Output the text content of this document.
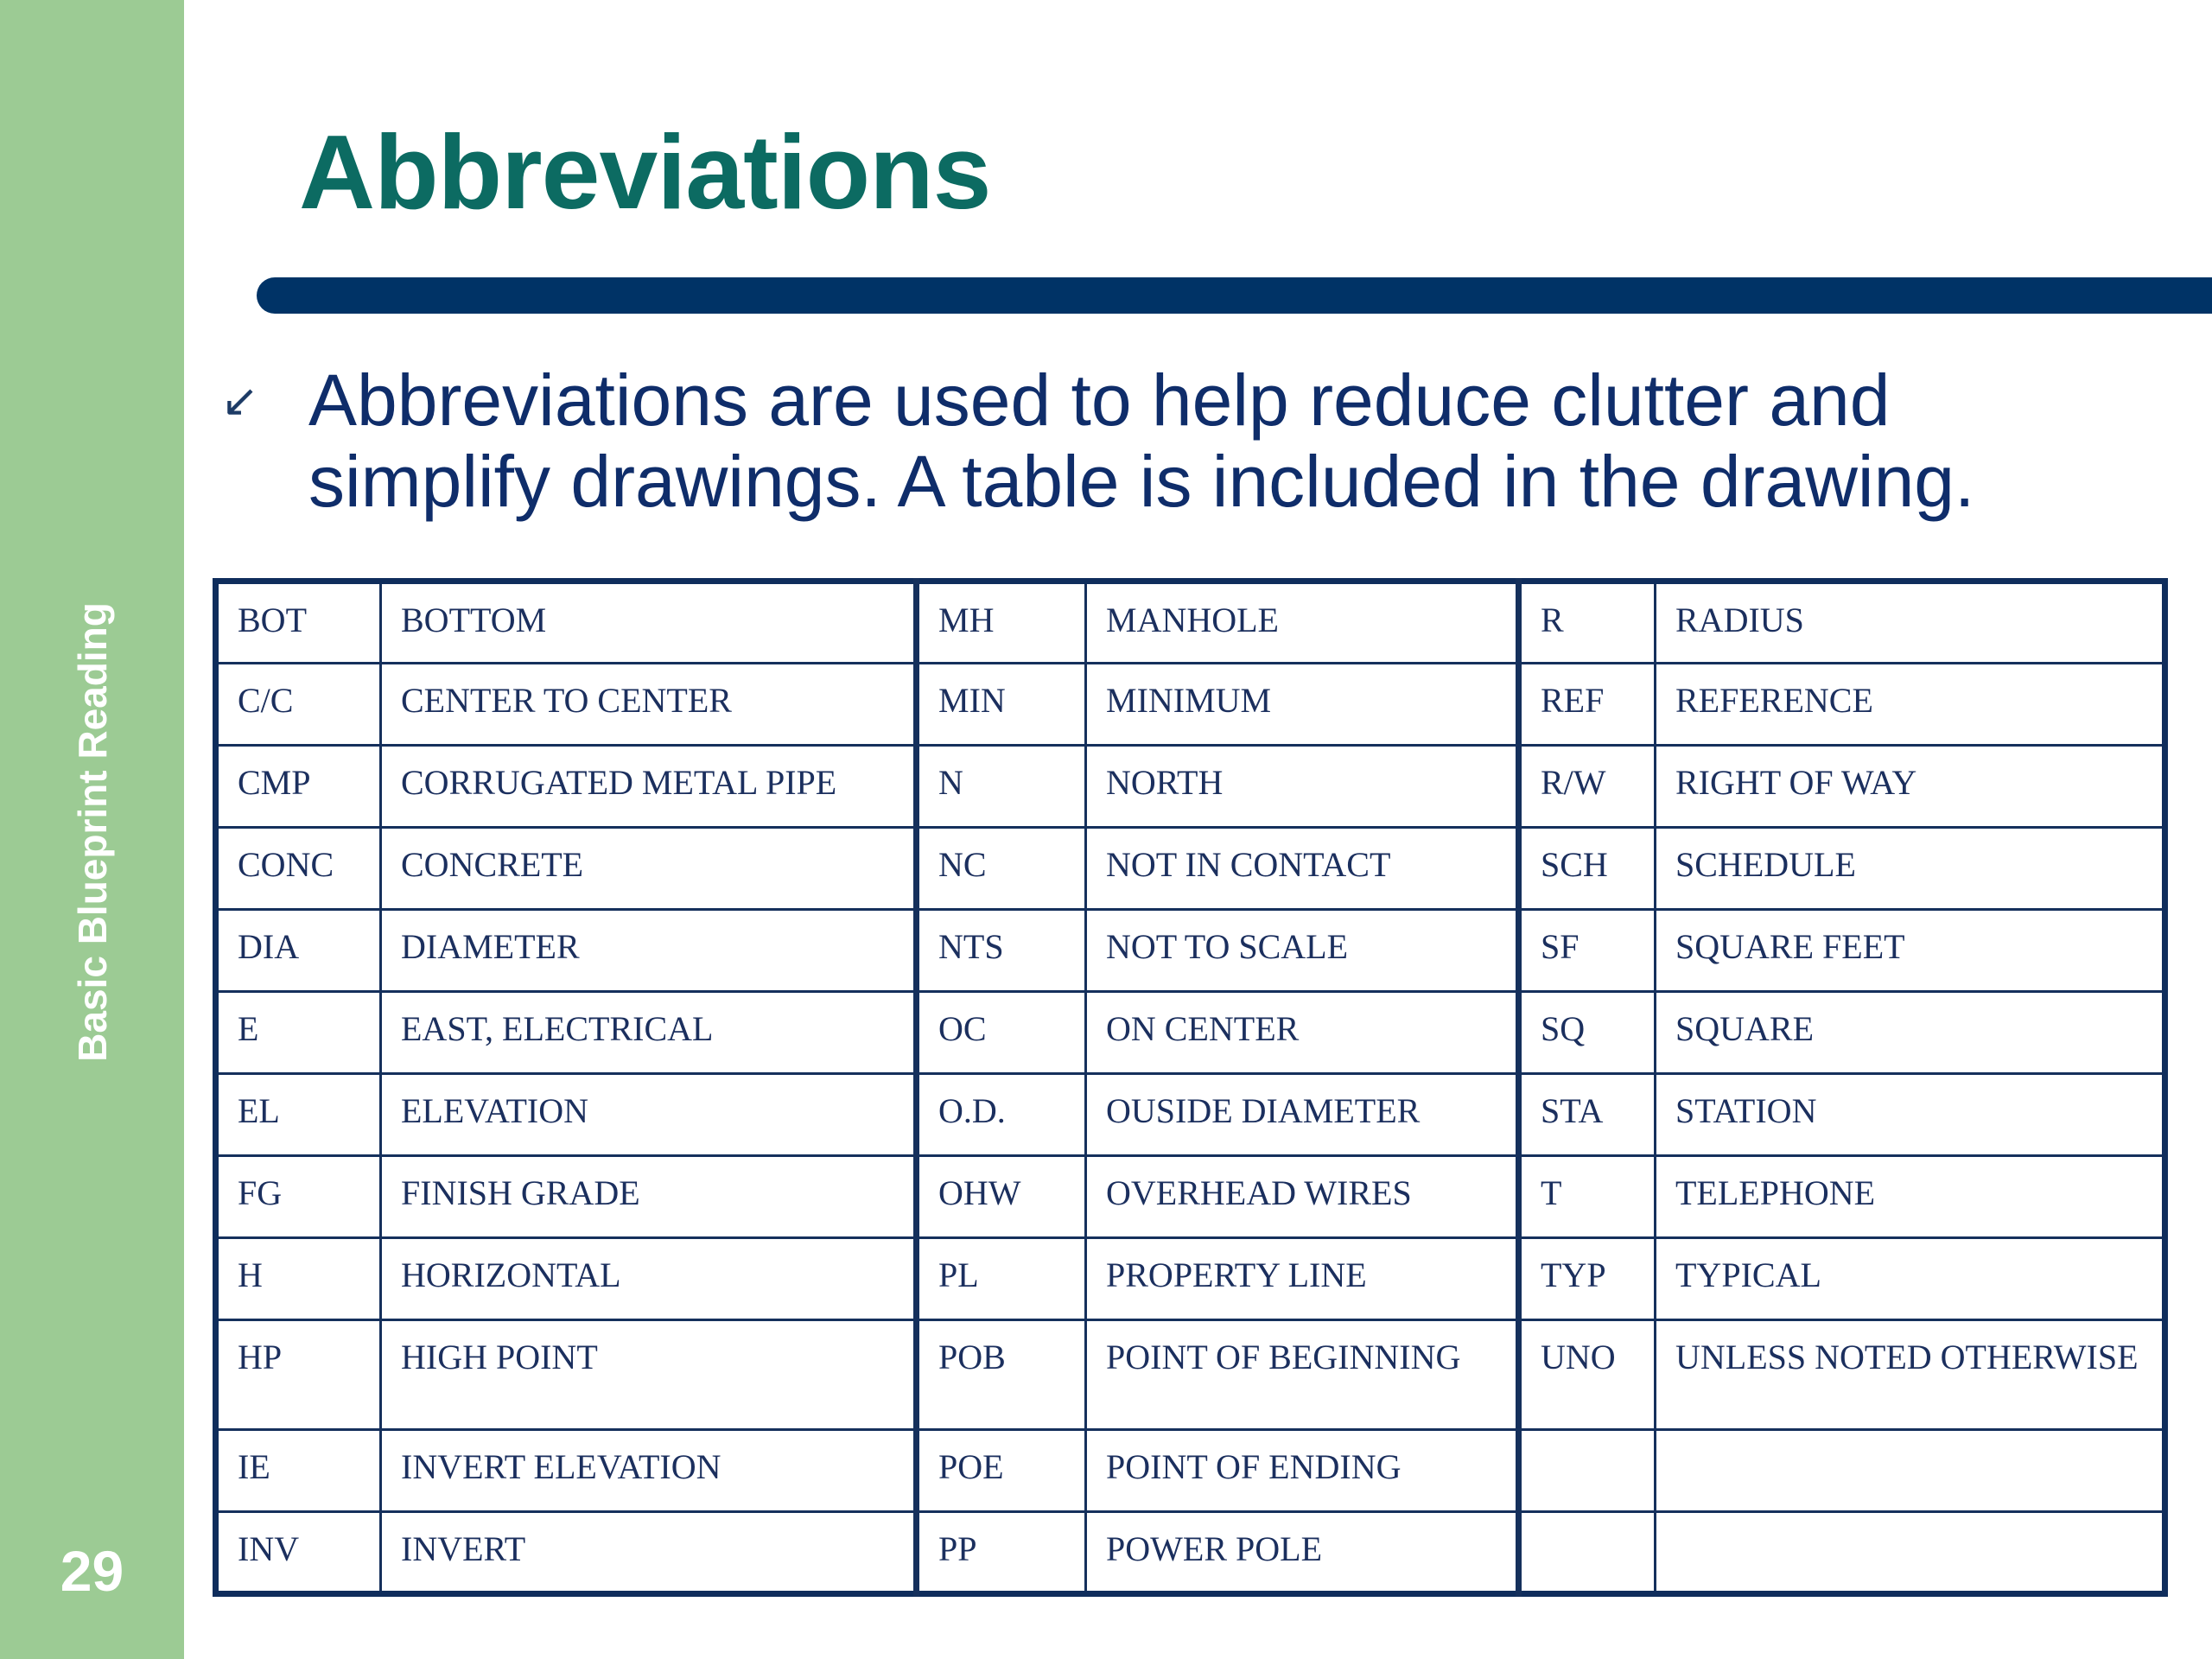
Basic Blueprint Reading
29
Abbreviations
↙ Abbreviations are used to help reduce clutter and simplify drawings. A table is included in the drawing.
BOT	BOTTOM	MH	MANHOLE	R	RADIUS
C/C	CENTER TO CENTER	MIN	MINIMUM	REF	REFERENCE
CMP	CORRUGATED METAL PIPE	N	NORTH	R/W	RIGHT OF WAY
CONC	CONCRETE	NC	NOT IN CONTACT	SCH	SCHEDULE
DIA	DIAMETER	NTS	NOT TO SCALE	SF	SQUARE FEET
E	EAST, ELECTRICAL	OC	ON CENTER	SQ	SQUARE
EL	ELEVATION	O.D.	OUSIDE DIAMETER	STA	STATION
FG	FINISH GRADE	OHW	OVERHEAD WIRES	T	TELEPHONE
H	HORIZONTAL	PL	PROPERTY LINE	TYP	TYPICAL
HP	HIGH POINT	POB	POINT OF BEGINNING	UNO	UNLESS NOTED OTHERWISE
IE	INVERT ELEVATION	POE	POINT OF ENDING		
INV	INVERT	PP	POWER POLE		
